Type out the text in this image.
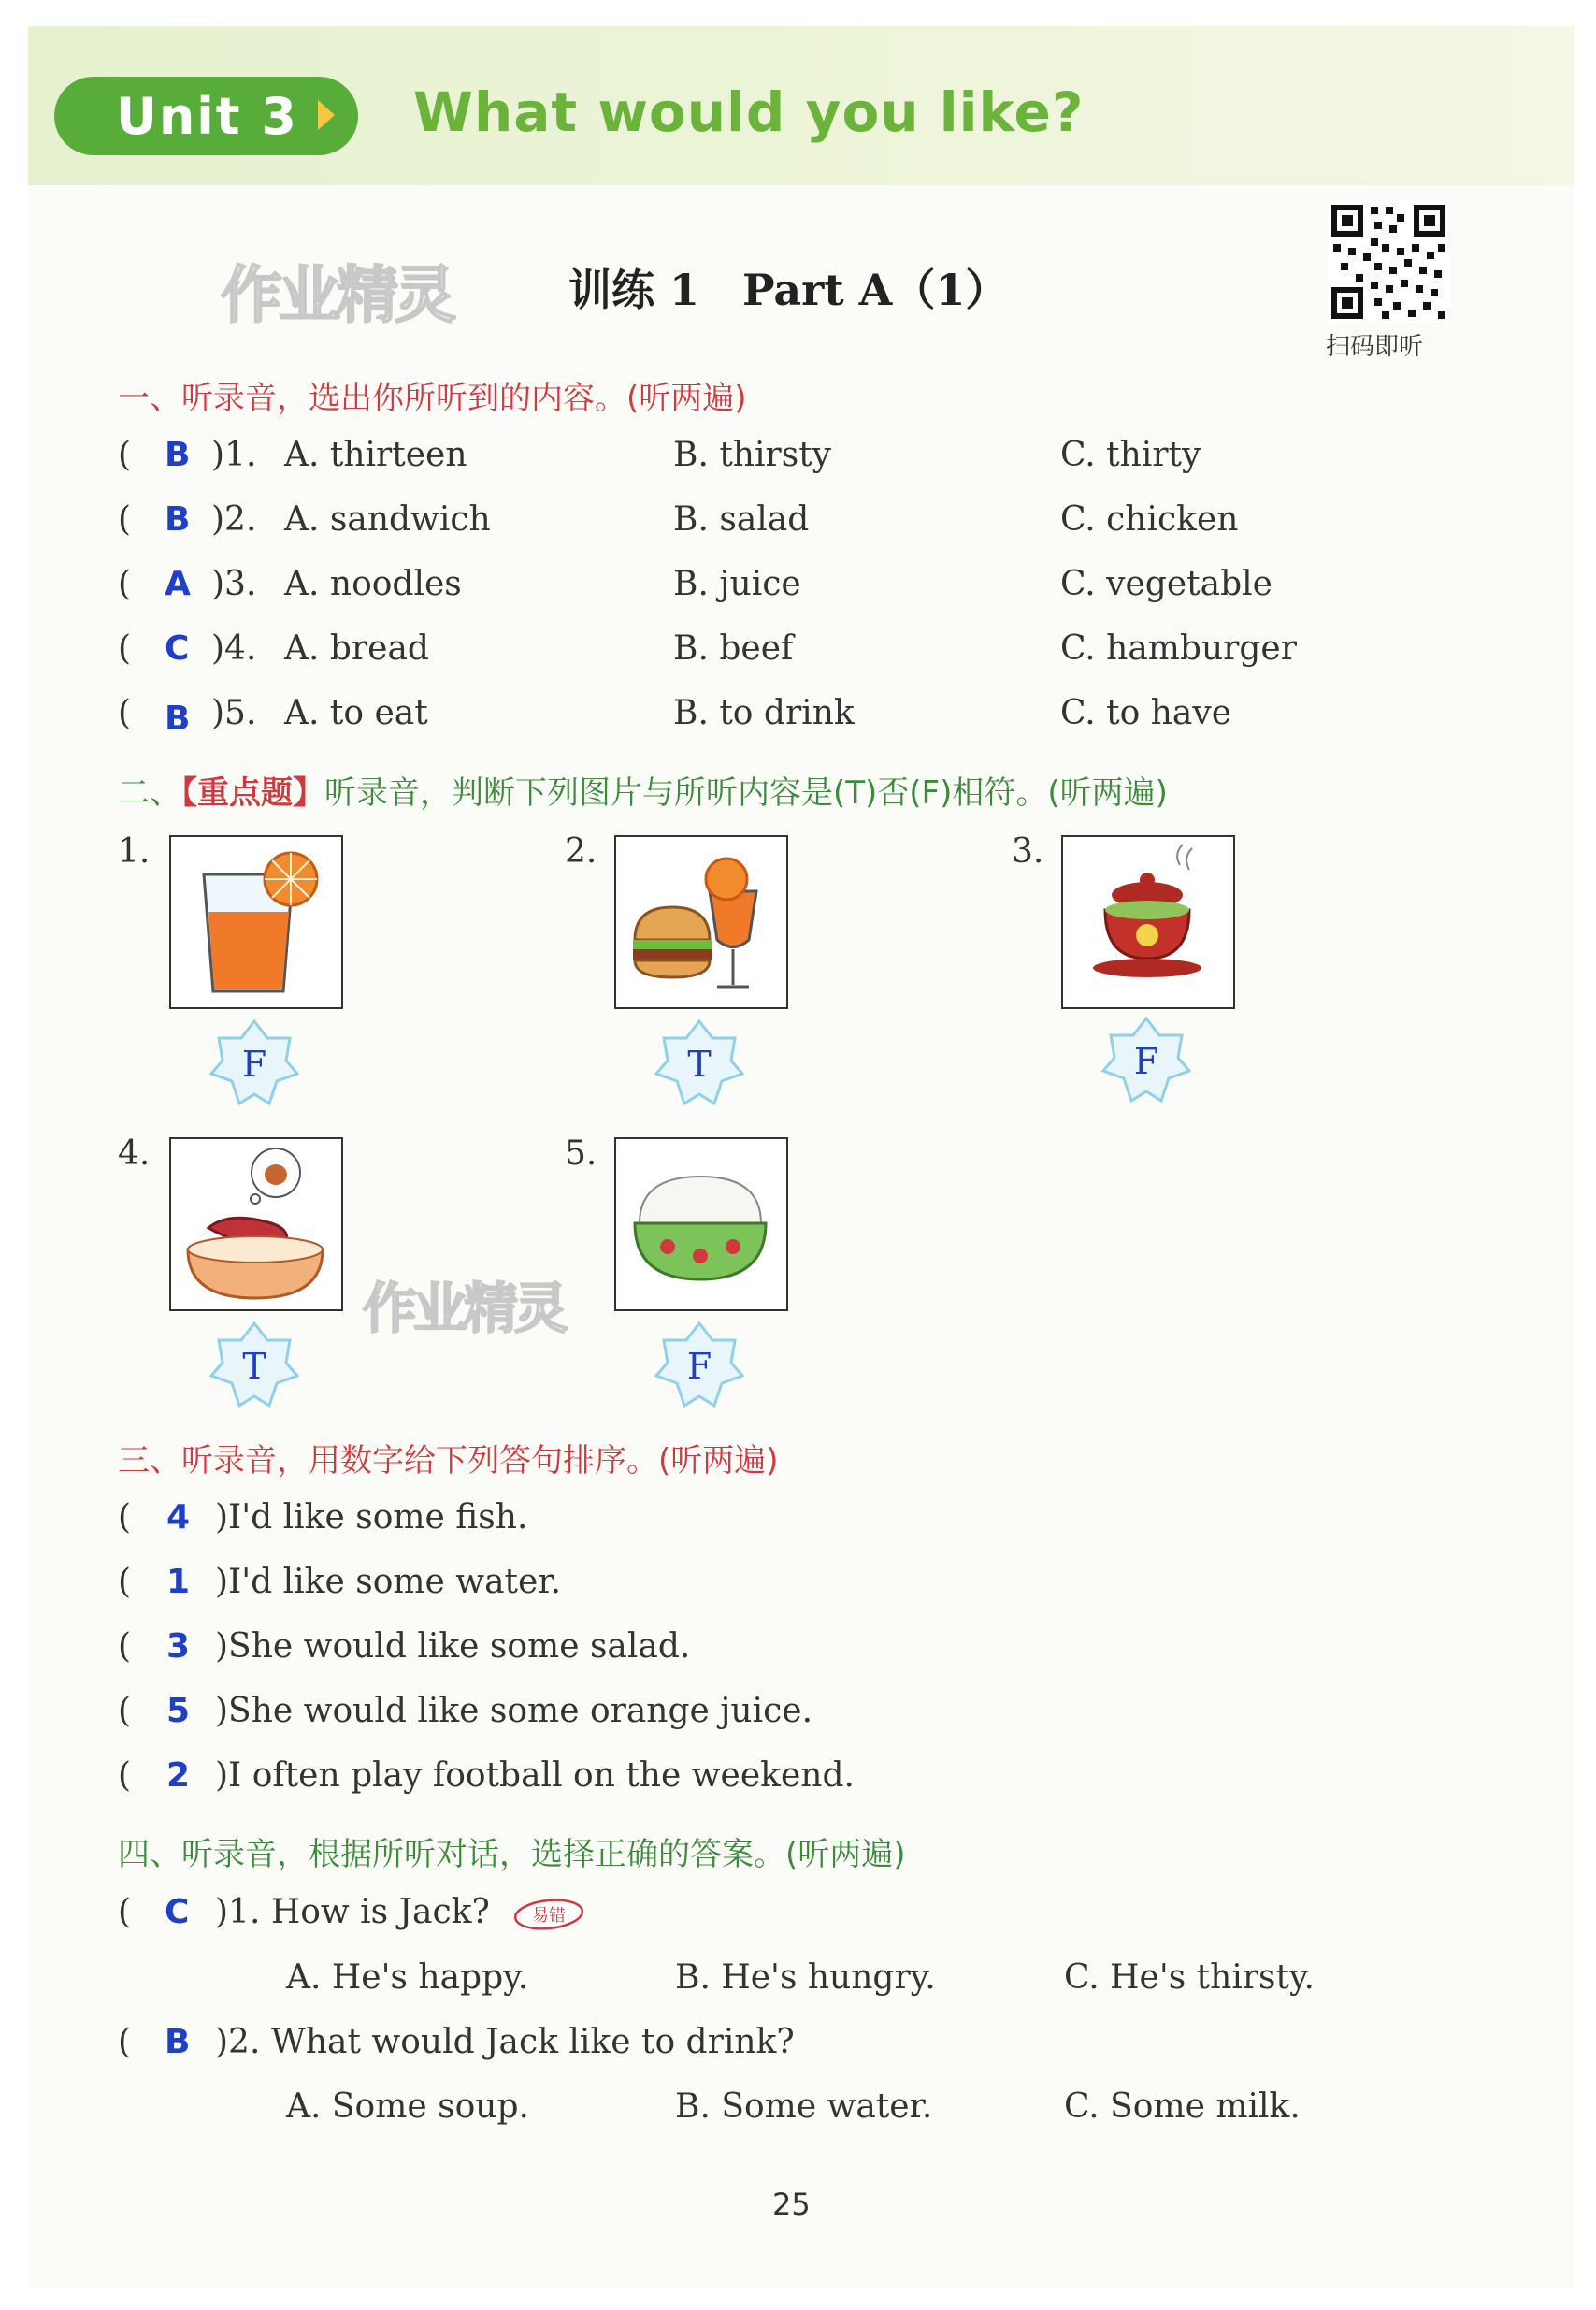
Unit 3 What would you like?
作业精灵	训练 1　Part A（1）
扫码即听
一、听录音，选出你所听到的内容。(听两遍)
( B )1. A. thirteen	B. thirsty	C. thirty
( B )2. A. sandwich	B. salad	C. chicken
( A )3. A. noodles	B. juice	C. vegetable
( C )4. A. bread	B. beef	C. hamburger
( B )5. A. to eat	B. to drink	C. to have
二、【重点题】听录音，判断下列图片与所听内容是(T)否(F)相符。(听两遍)
1.
F
2.
T
3.
F
4.
T
5.
F
作业精灵
三、听录音，用数字给下列答句排序。(听两遍)
( 4 )I'd like some fish.
( 1 )I'd like some water.
( 3 )She would like some salad.
( 5 )She would like some orange juice.
( 2 )I often play football on the weekend.
四、听录音，根据所听对话，选择正确的答案。(听两遍)
( C )1. How is Jack?	易错
A. He's happy.	B. He's hungry.	C. He's thirsty.
( B )2. What would Jack like to drink?
A. Some soup.	B. Some water.	C. Some milk.
25
